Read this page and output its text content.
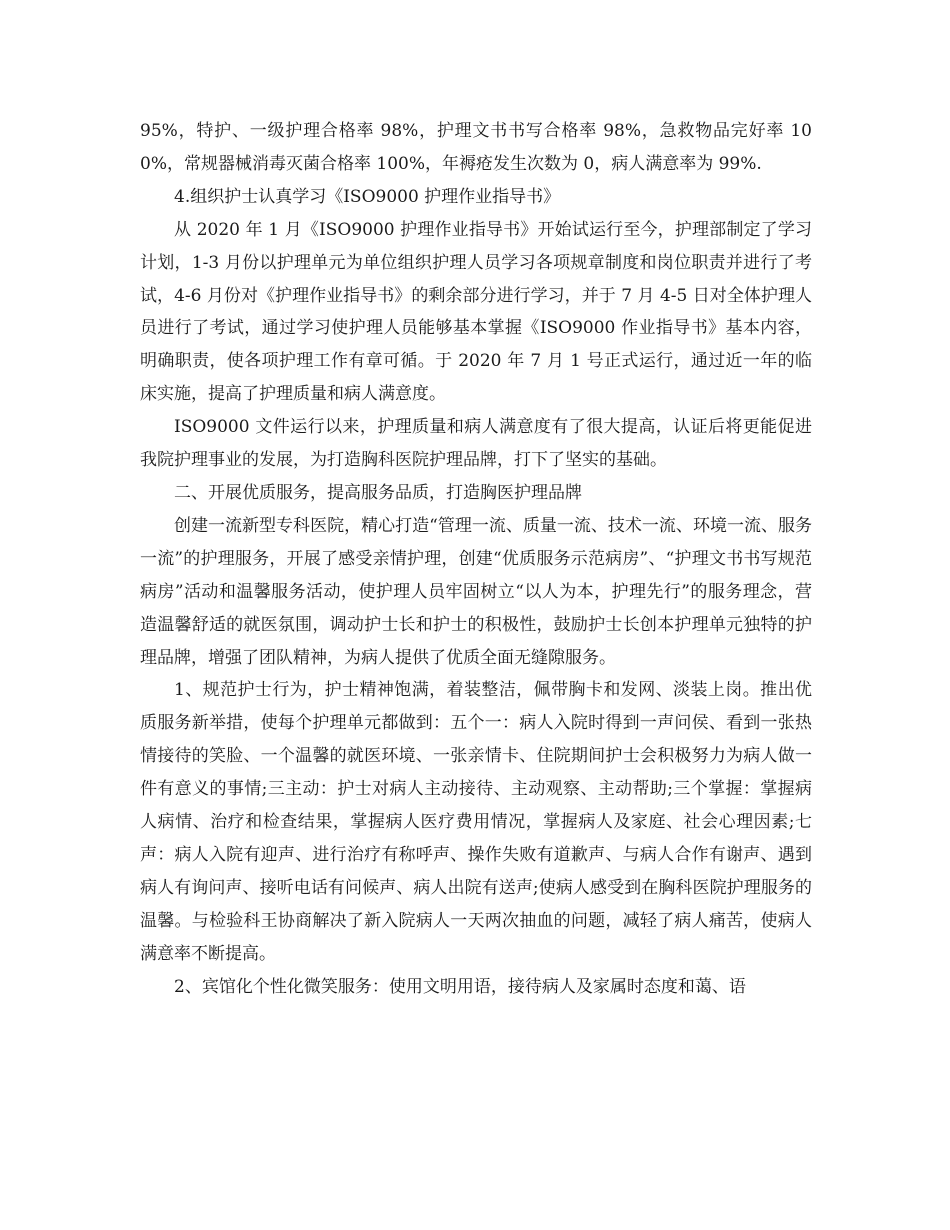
95%，特护、一级护理合格率 98%，护理文书书写合格率 98%，急救物品完好率 100%，常规器械消毒灭菌合格率 100%，年褥疮发生次数为 0，病人满意率为 99%.

4.组织护士认真学习《ISO9000 护理作业指导书》

从 2020 年 1 月《ISO9000 护理作业指导书》开始试运行至今，护理部制定了学习计划，1-3 月份以护理单元为单位组织护理人员学习各项规章制度和岗位职责并进行了考试，4-6 月份对《护理作业指导书》的剩余部分进行学习，并于 7 月 4-5 日对全体护理人员进行了考试，通过学习使护理人员能够基本掌握《ISO9000 作业指导书》基本内容，明确职责，使各项护理工作有章可循。于 2020 年 7 月 1 号正式运行，通过近一年的临床实施，提高了护理质量和病人满意度。

ISO9000 文件运行以来，护理质量和病人满意度有了很大提高，认证后将更能促进我院护理事业的发展，为打造胸科医院护理品牌，打下了坚实的基础。

二、开展优质服务，提高服务品质，打造胸医护理品牌

创建一流新型专科医院，精心打造“管理一流、质量一流、技术一流、环境一流、服务一流”的护理服务，开展了感受亲情护理，创建“优质服务示范病房”、“护理文书书写规范病房”活动和温馨服务活动，使护理人员牢固树立“以人为本，护理先行”的服务理念，营造温馨舒适的就医氛围，调动护士长和护士的积极性，鼓励护士长创本护理单元独特的护理品牌，增强了团队精神，为病人提供了优质全面无缝隙服务。

1、规范护士行为，护士精神饱满，着装整洁，佩带胸卡和发网、淡装上岗。推出优质服务新举措，使每个护理单元都做到：五个一：病人入院时得到一声问侯、看到一张热情接待的笑脸、一个温馨的就医环境、一张亲情卡、住院期间护士会积极努力为病人做一件有意义的事情;三主动：护士对病人主动接待、主动观察、主动帮助;三个掌握：掌握病人病情、治疗和检查结果，掌握病人医疗费用情况，掌握病人及家庭、社会心理因素;七声：病人入院有迎声、进行治疗有称呼声、操作失败有道歉声、与病人合作有谢声、遇到病人有询问声、接听电话有问候声、病人出院有送声;使病人感受到在胸科医院护理服务的温馨。与检验科王协商解决了新入院病人一天两次抽血的问题，减轻了病人痛苦，使病人满意率不断提高。

2、宾馆化个性化微笑服务：使用文明用语，接待病人及家属时态度和蔼、语
